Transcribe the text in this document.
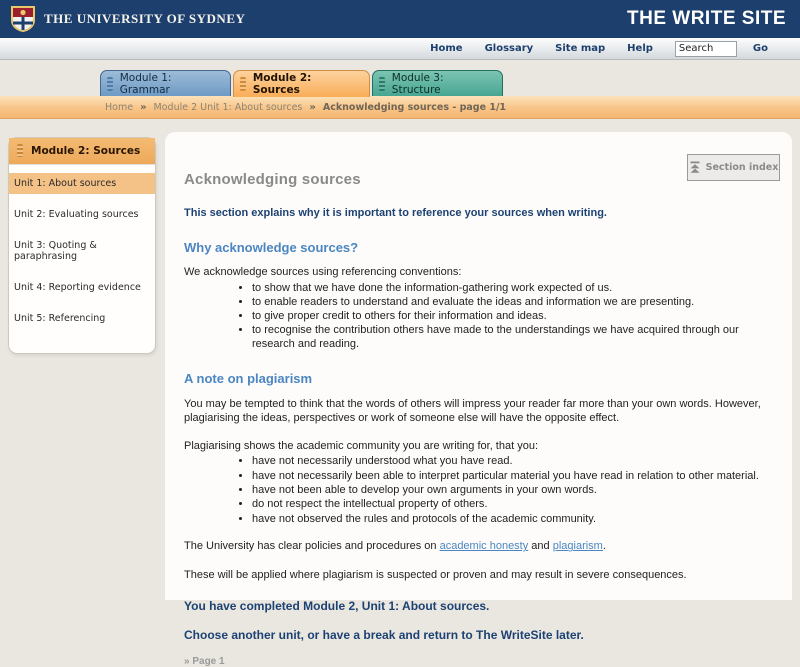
THE UNIVERSITY OF SYDNEY	THE WRITE SITE
Home Glossary Site map Help
Search	Go
Module 1: Grammar
Module 2: Sources
Module 3: Structure
Home » Module 2 Unit 1: About sources » Acknowledging sources - page 1/1
Module 2: Sources
Unit 1: About sources
Unit 2: Evaluating sources
Unit 3: Quoting & paraphrasing
Unit 4: Reporting evidence
Unit 5: Referencing
Section index
Acknowledging sources

This section explains why it is important to reference your sources when writing.

Why acknowledge sources?

We acknowledge sources using referencing conventions:

• to show that we have done the information-gathering work expected of us.
• to enable readers to understand and evaluate the ideas and information we are presenting.
• to give proper credit to others for their information and ideas.
• to recognise the contribution others have made to the understandings we have acquired through our research and reading.
A note on plagiarism

You may be tempted to think that the words of others will impress your reader far more than your own words. However, plagiarising the ideas, perspectives or work of someone else will have the opposite effect.

Plagiarising shows the academic community you are writing for, that you:

• have not necessarily understood what you have read.
• have not necessarily been able to interpret particular material you have read in relation to other material.
• have not been able to develop your own arguments in your own words.
• do not respect the intellectual property of others.
• have not observed the rules and protocols of the academic community.

The University has clear policies and procedures on academic honesty and plagiarism.

These will be applied where plagiarism is suspected or proven and may result in severe consequences.

You have completed Module 2, Unit 1: About sources.

Choose another unit, or have a break and return to The WriteSite later.

» Page 1
